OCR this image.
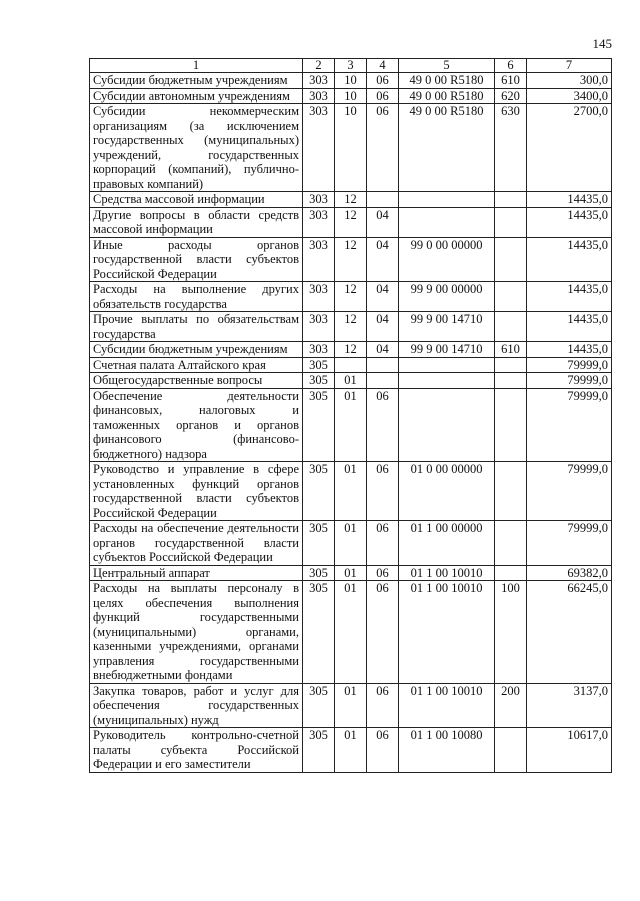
145
1	2	3	4	5	6	7
Субсидии бюджетным учреждениям	303	10	06	49 0 00 R5180	610	300,0
Субсидии автономным учреждениям	303	10	06	49 0 00 R5180	620	3400,0
Субсидии некоммерческим организациям (за исключением государственных (муниципальных) учреждений, государственных корпораций (компаний), публично-правовых компаний)	303	10	06	49 0 00 R5180	630	2700,0
Средства массовой информации	303	12				14435,0
Другие вопросы в области средств массовой информации	303	12	04			14435,0
Иные расходы органов государственной власти субъектов Российской Федерации	303	12	04	99 0 00 00000		14435,0
Расходы на выполнение других обязательств государства	303	12	04	99 9 00 00000		14435,0
Прочие выплаты по обязательствам государства	303	12	04	99 9 00 14710		14435,0
Субсидии бюджетным учреждениям	303	12	04	99 9 00 14710	610	14435,0
Счетная палата Алтайского края	305					79999,0
Общегосударственные вопросы	305	01				79999,0
Обеспечение деятельности финансовых, налоговых и таможенных органов и органов финансового (финансово-бюджетного) надзора	305	01	06			79999,0
Руководство и управление в сфере установленных функций органов государственной власти субъектов Российской Федерации	305	01	06	01 0 00 00000		79999,0
Расходы на обеспечение деятельности органов государственной власти субъектов Российской Федерации	305	01	06	01 1 00 00000		79999,0
Центральный аппарат	305	01	06	01 1 00 10010		69382,0
Расходы на выплаты персоналу в целях обеспечения выполнения функций государственными (муниципальными) органами, казенными учреждениями, органами управления государственными внебюджетными фондами	305	01	06	01 1 00 10010	100	66245,0
Закупка товаров, работ и услуг для обеспечения государственных (муниципальных) нужд	305	01	06	01 1 00 10010	200	3137,0
Руководитель контрольно-счетной палаты субъекта Российской Федерации и его заместители	305	01	06	01 1 00 10080		10617,0
